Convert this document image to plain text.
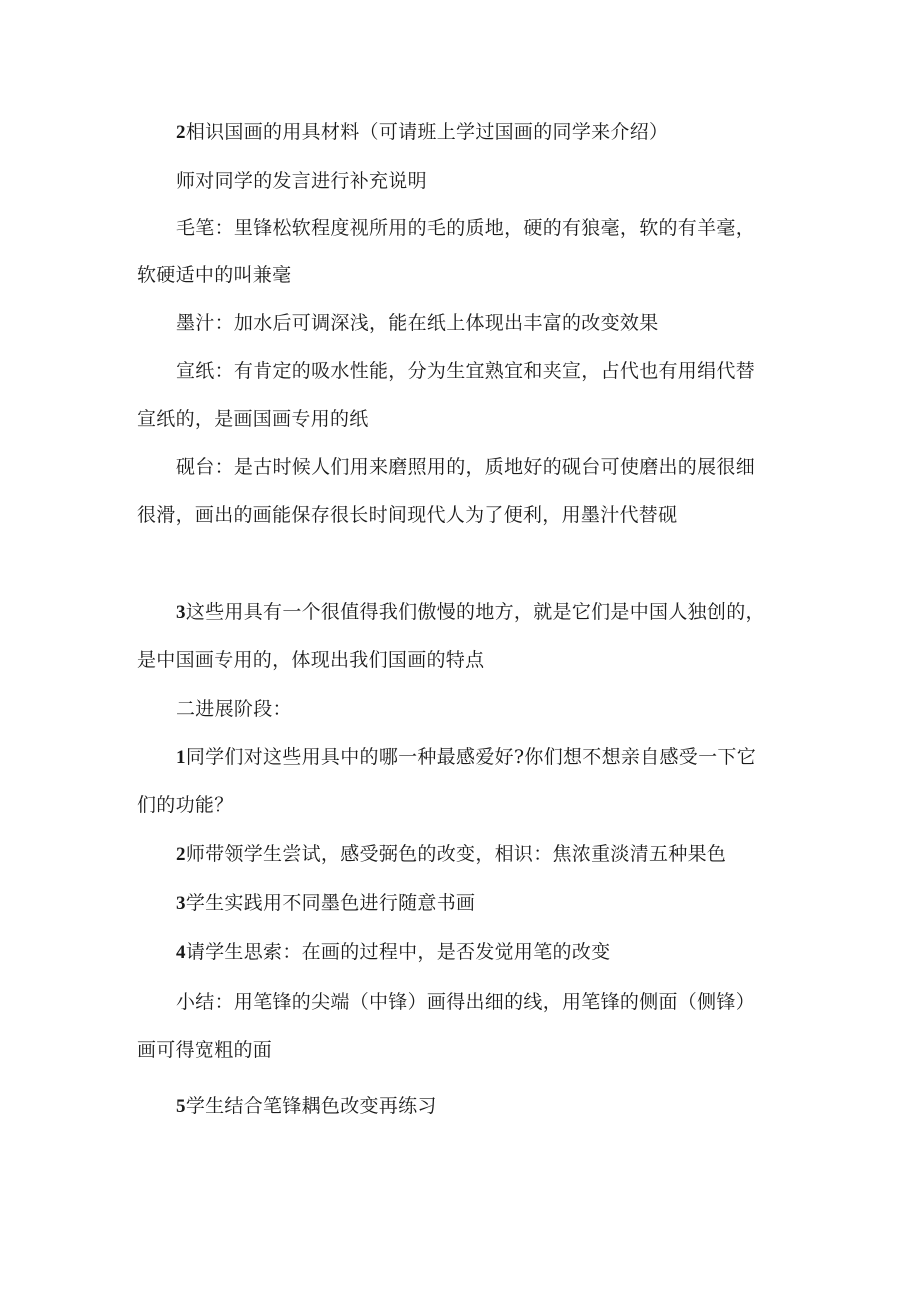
2相识国画的用具材料（可请班上学过国画的同学来介绍）
师对同学的发言进行补充说明
毛笔：里锋松软程度视所用的毛的质地，硬的有狼毫，软的有羊毫，
软硬适中的叫兼毫
墨汁：加水后可调深浅，能在纸上体现出丰富的改变效果
宣纸：有肯定的吸水性能，分为生宜熟宜和夹宣，占代也有用绢代替
宣纸的，是画国画专用的纸
砚台：是古时候人们用来磨照用的，质地好的砚台可使磨出的展很细
很滑，画出的画能保存很长时间现代人为了便利，用墨汁代替砚
3这些用具有一个很值得我们傲慢的地方，就是它们是中国人独创的，
是中国画专用的，体现出我们国画的特点
二进展阶段：
1同学们对这些用具中的哪一种最感爱好?你们想不想亲自感受一下它
们的功能？
2师带领学生尝试，感受弼色的改变，相识：焦浓重淡清五种果色
3学生实践用不同墨色进行随意书画
4请学生思索：在画的过程中，是否发觉用笔的改变
小结：用笔锋的尖端（中锋）画得出细的线，用笔锋的侧面（侧锋）
画可得宽粗的面
5学生结合笔锋耦色改变再练习
